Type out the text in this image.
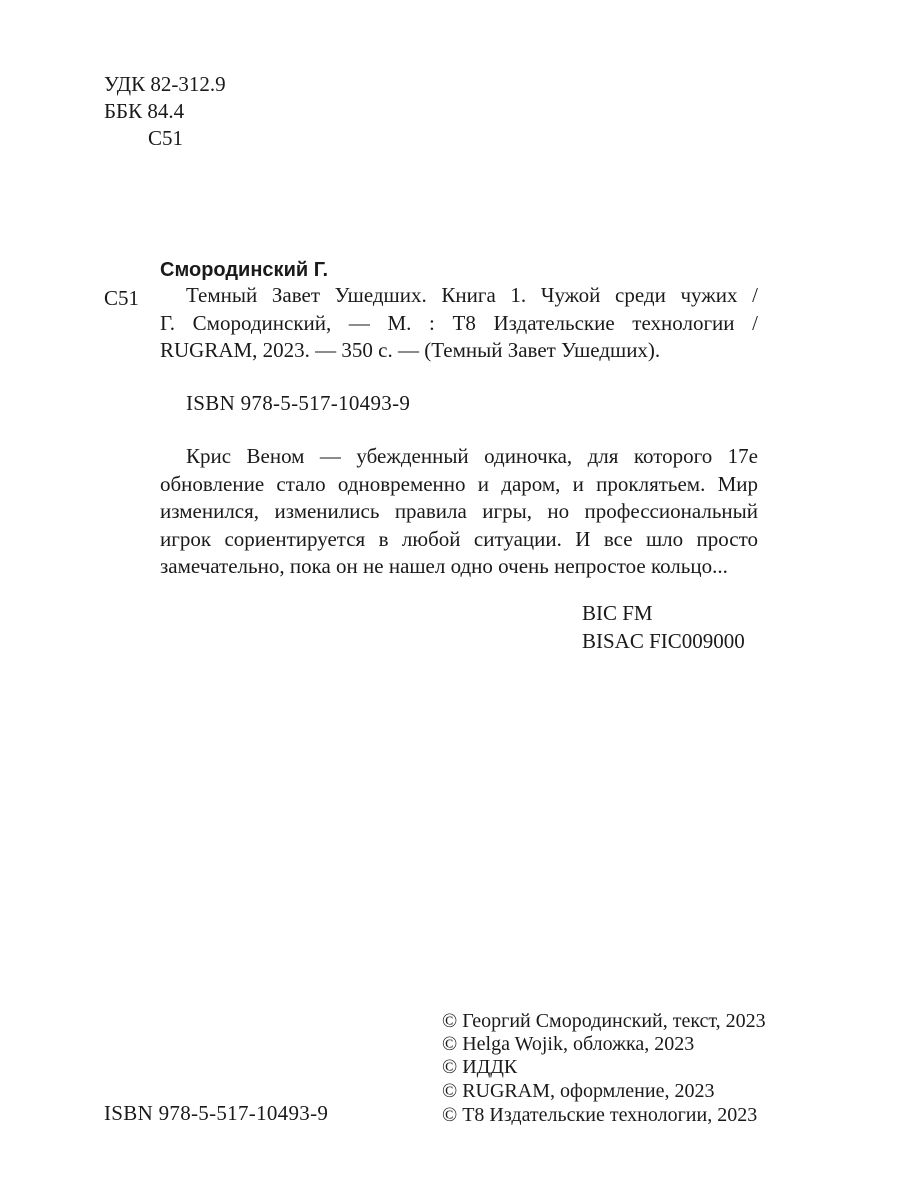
УДК 82-312.9
ББК 84.4
С51
Смородинский Г.
С51	Темный Завет Ушедших. Книга 1. Чужой среди чужих /
Г. Смородинский, — М. : Т8 Издательские технологии /
RUGRAM, 2023. — 350 с. — (Темный Завет Ушедших).
ISBN 978-5-517-10493-9
Крис Веном — убежденный одиночка, для которого 17е
обновление стало одновременно и даром, и проклятьем. Мир
изменился, изменились правила игры, но профессиональный
игрок сориентируется в любой ситуации. И все шло просто
замечательно, пока он не нашел одно очень непростое кольцо...
BIC FM
BISAC FIC009000
© Георгий Смородинский, текст, 2023
© Helga Wojik, обложка, 2023
© ИДДК
© RUGRAM, оформление, 2023
© Т8 Издательские технологии, 2023
ISBN 978-5-517-10493-9
